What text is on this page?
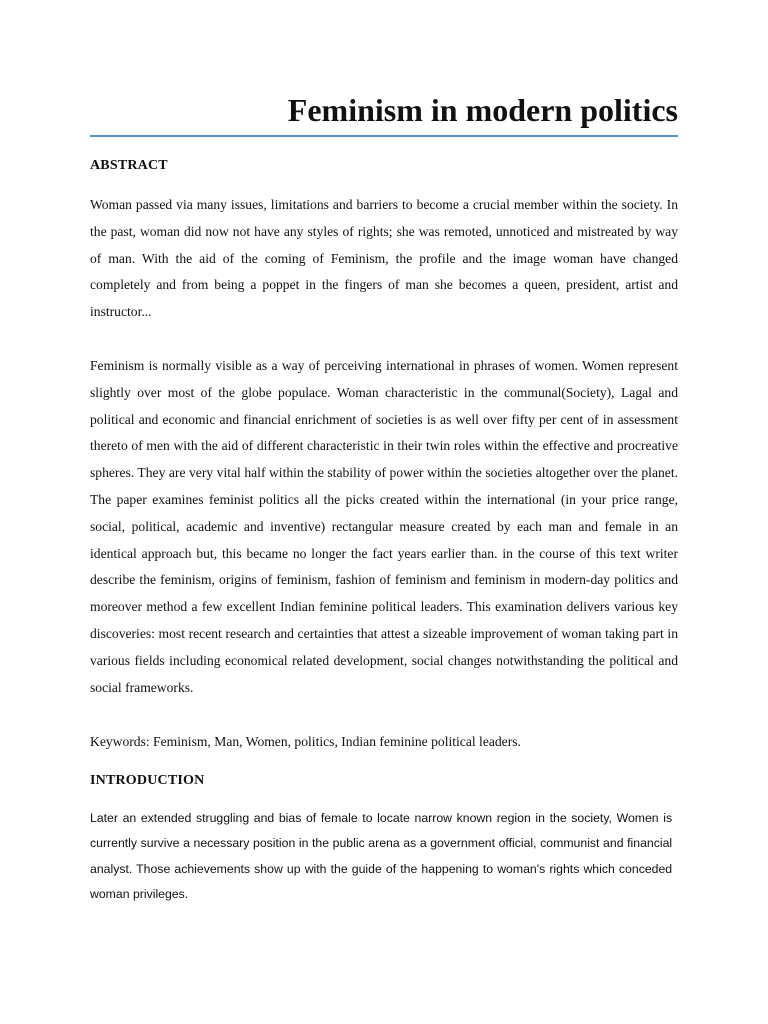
Feminism in modern politics
ABSTRACT

Woman passed via many issues, limitations and barriers to become a crucial member within the society. In the past, woman did now not have any styles of rights; she was remoted, unnoticed and mistreated by way of man. With the aid of the coming of Feminism, the profile and the image woman have changed completely and from being a poppet in the fingers of man she becomes a queen, president, artist and instructor...

Feminism is normally visible as a way of perceiving international in phrases of women. Women represent slightly over most of the globe populace. Woman characteristic in the communal(Society), Lagal and political and economic and financial enrichment of societies is as well over fifty per cent of in assessment thereto of men with the aid of different characteristic in their twin roles within the effective and procreative spheres. They are very vital half within the stability of power within the societies altogether over the planet. The paper examines feminist politics all the picks created within the international (in your price range, social, political, academic and inventive) rectangular measure created by each man and female in an identical approach but, this became no longer the fact years earlier than. in the course of this text writer describe the feminism, origins of feminism, fashion of feminism and feminism in modern-day politics and moreover method a few excellent Indian feminine political leaders. This examination delivers various key discoveries: most recent research and certainties that attest a sizeable improvement of woman taking part in various fields including economical related development, social changes notwithstanding the political and social frameworks.

Keywords: Feminism, Man, Women, politics, Indian feminine political leaders.

INTRODUCTION

Later an extended struggling and bias of female to locate narrow known region in the society, Women is currently survive a necessary position in the public arena as a government official, communist and financial analyst. Those achievements show up with the guide of the happening to woman's rights which conceded woman privileges.
